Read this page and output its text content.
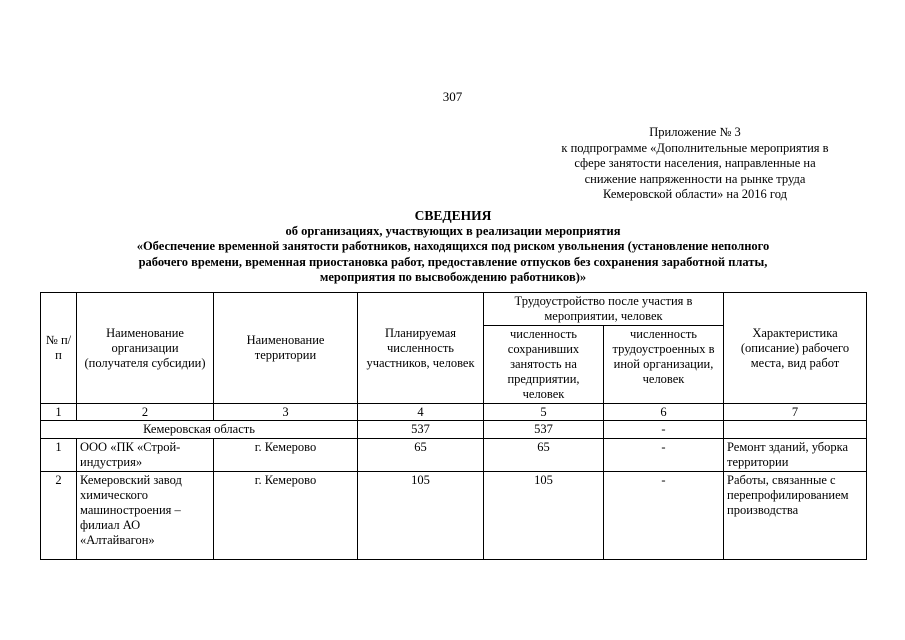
307
Приложение № 3
к подпрограмме «Дополнительные мероприятия в
сфере занятости населения, направленные на
снижение напряженности на рынке труда
Кемеровской области» на 2016 год
СВЕДЕНИЯ
об организациях, участвующих в реализации мероприятия
«Обеспечение временной занятости работников, находящихся под риском увольнения (установление неполного
рабочего времени, временная приостановка работ, предоставление отпусков без сохранения заработной платы,
мероприятия по высвобождению работников)»
№ п/п	Наименование организации (получателя субсидии)	Наименование территории	Планируемая численность участников, человек	Трудоустройство после участия в мероприятии, человек		Характеристика (описание) рабочего места, вид работ
				численность сохранивших занятость на предприятии, человек	численность трудоустроенных в иной организации, человек	
1	2	3	4	5	6	7
Кемеровская область			537	537	-	
1	ООО «ПК «Строй-индустрия»	г. Кемерово	65	65	-	Ремонт зданий, уборка территории
2	Кемеровский завод химического машиностроения – филиал АО «Алтайвагон»	г. Кемерово	105	105	-	Работы, связанные с перепрофилированием производства
